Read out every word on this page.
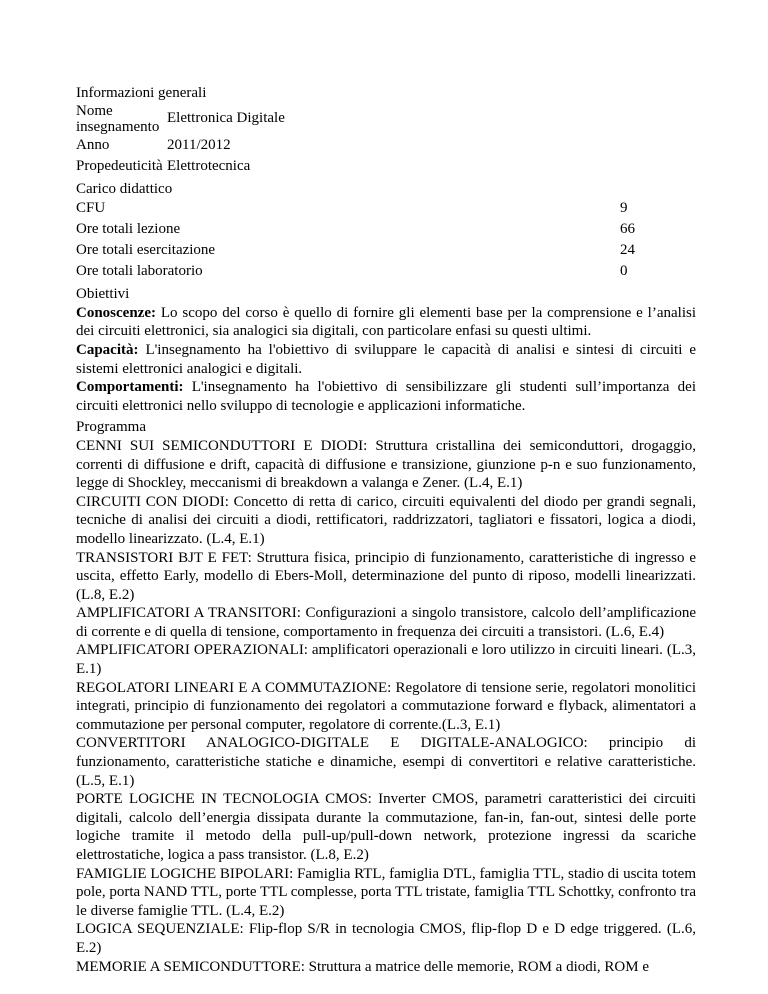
Informazioni generali
Nome insegnamento	Elettronica Digitale
Anno	2011/2012
Propedeuticità	Elettrotecnica
Carico didattico
CFU	9
Ore totali lezione	66
Ore totali esercitazione	24
Ore totali laboratorio	0
Obiettivi

Conoscenze: Lo scopo del corso è quello di fornire gli elementi base per la comprensione e l’analisi dei circuiti elettronici, sia analogici sia digitali, con particolare enfasi su questi ultimi.

Capacità: L'insegnamento ha l'obiettivo di sviluppare le capacità di analisi e sintesi di circuiti e sistemi elettronici analogici e digitali.

Comportamenti: L'insegnamento ha l'obiettivo di sensibilizzare gli studenti sull’importanza dei circuiti elettronici nello sviluppo di tecnologie e applicazioni informatiche.

Programma

CENNI SUI SEMICONDUTTORI E DIODI: Struttura cristallina dei semiconduttori, drogaggio, correnti di diffusione e drift, capacità di diffusione e transizione, giunzione p-n e suo funzionamento, legge di Shockley, meccanismi di breakdown a valanga e Zener. (L.4, E.1)

CIRCUITI CON DIODI: Concetto di retta di carico, circuiti equivalenti del diodo per grandi segnali, tecniche di analisi dei circuiti a diodi, rettificatori, raddrizzatori, tagliatori e fissatori, logica a diodi, modello linearizzato. (L.4, E.1)

TRANSISTORI BJT E FET: Struttura fisica, principio di funzionamento, caratteristiche di ingresso e uscita, effetto Early, modello di Ebers-Moll, determinazione del punto di riposo, modelli linearizzati. (L.8, E.2)

AMPLIFICATORI A TRANSITORI: Configurazioni a singolo transistore, calcolo dell’amplificazione di corrente e di quella di tensione, comportamento in frequenza dei circuiti a transistori. (L.6, E.4)

AMPLIFICATORI OPERAZIONALI: amplificatori operazionali e loro utilizzo in circuiti lineari. (L.3, E.1)

REGOLATORI LINEARI E A COMMUTAZIONE: Regolatore di tensione serie, regolatori monolitici integrati, principio di funzionamento dei regolatori a commutazione forward e flyback, alimentatori a commutazione per personal computer, regolatore di corrente.(L.3, E.1)

CONVERTITORI ANALOGICO-DIGITALE E DIGITALE-ANALOGICO: principio di funzionamento, caratteristiche statiche e dinamiche, esempi di convertitori e relative caratteristiche. (L.5, E.1)

PORTE LOGICHE IN TECNOLOGIA CMOS: Inverter CMOS, parametri caratteristici dei circuiti digitali, calcolo dell’energia dissipata durante la commutazione, fan-in, fan-out, sintesi delle porte logiche tramite il metodo della pull-up/pull-down network, protezione ingressi da scariche elettrostatiche, logica a pass transistor. (L.8, E.2)

FAMIGLIE LOGICHE BIPOLARI: Famiglia RTL, famiglia DTL, famiglia TTL, stadio di uscita totem pole, porta NAND TTL, porte TTL complesse, porta TTL tristate, famiglia TTL Schottky, confronto tra le diverse famiglie TTL. (L.4, E.2)

LOGICA SEQUENZIALE: Flip-flop S/R in tecnologia CMOS, flip-flop D e D edge triggered. (L.6, E.2)

MEMORIE A SEMICONDUTTORE: Struttura a matrice delle memorie, ROM a diodi, ROM e
